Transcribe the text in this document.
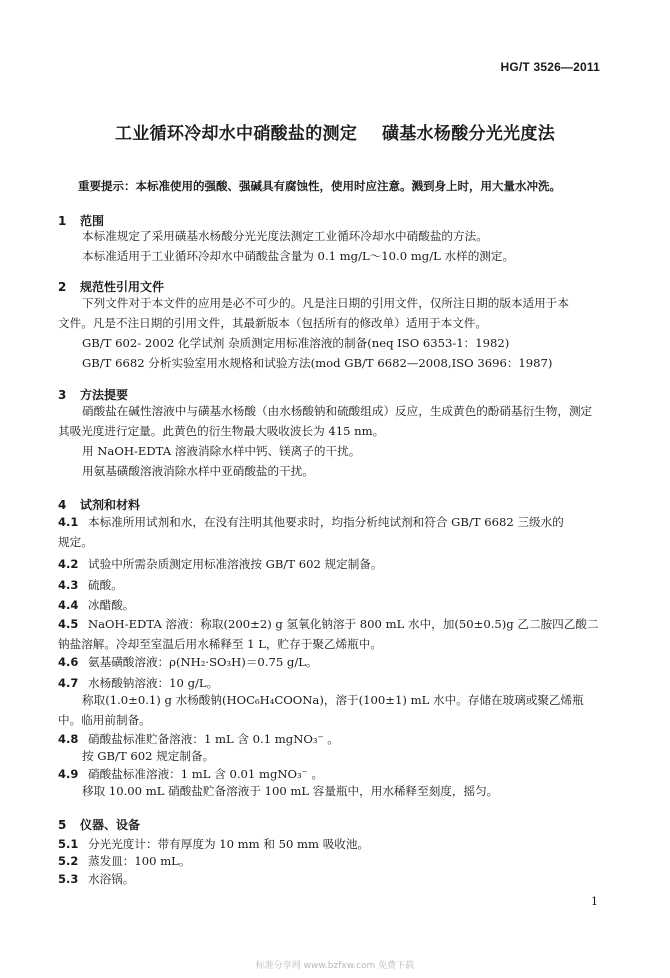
HG/T 3526—2011
工业循环冷却水中硝酸盐的测定    磺基水杨酸分光光度法
重要提示：本标准使用的强酸、强碱具有腐蚀性，使用时应注意。溅到身上时，用大量水冲洗。
1 范围
本标准规定了采用磺基水杨酸分光光度法测定工业循环冷却水中硝酸盐的方法。
本标准适用于工业循环冷却水中硝酸盐含量为 0.1 mg/L～10.0 mg/L 水样的测定。
2 规范性引用文件
下列文件对于本文件的应用是必不可少的。凡是注日期的引用文件，仅所注日期的版本适用于本
文件。凡是不注日期的引用文件，其最新版本（包括所有的修改单）适用于本文件。
GB/T 602- 2002 化学试剂 杂质测定用标准溶液的制备(neq ISO 6353-1：1982)
GB/T 6682 分析实验室用水规格和试验方法(mod GB/T 6682—2008,ISO 3696：1987)
3 方法提要
硝酸盐在碱性溶液中与磺基水杨酸（由水杨酸钠和硫酸组成）反应，生成黄色的酚硝基衍生物，测定
其吸光度进行定量。此黄色的衍生物最大吸收波长为 415 nm。
用 NaOH-EDTA 溶液消除水样中钙、镁离子的干扰。
用氨基磺酸溶液消除水样中亚硝酸盐的干扰。
4 试剂和材料
4.1 本标准所用试剂和水，在没有注明其他要求时，均指分析纯试剂和符合 GB/T 6682 三级水的
规定。
4.2 试验中所需杂质测定用标准溶液按 GB/T 602 规定制备。
4.3 硫酸。
4.4 冰醋酸。
4.5 NaOH-EDTA 溶液：称取(200±2) g 氢氧化钠溶于 800 mL 水中，加(50±0.5)g 乙二胺四乙酸二
钠盐溶解。冷却至室温后用水稀释至 1 L，贮存于聚乙烯瓶中。
4.6 氨基磺酸溶液：ρ(NH₂·SO₃H)＝0.75 g/L。
4.7 水杨酸钠溶液：10 g/L。
称取(1.0±0.1) g 水杨酸钠(HOC₆H₄COONa)，溶于(100±1) mL 水中。存储在玻璃或聚乙烯瓶
中。临用前制备。
4.8 硝酸盐标准贮备溶液：1 mL 含 0.1 mgNO₃⁻ 。
按 GB/T 602 规定制备。
4.9 硝酸盐标准溶液：1 mL 含 0.01 mgNO₃⁻ 。
移取 10.00 mL 硝酸盐贮备溶液于 100 mL 容量瓶中，用水稀释至刻度，摇匀。
5 仪器、设备
5.1 分光光度计：带有厚度为 10 mm 和 50 mm 吸收池。
5.2 蒸发皿：100 mL。
5.3 水浴锅。
1
标准分享网 www.bzfxw.com 免费下载
